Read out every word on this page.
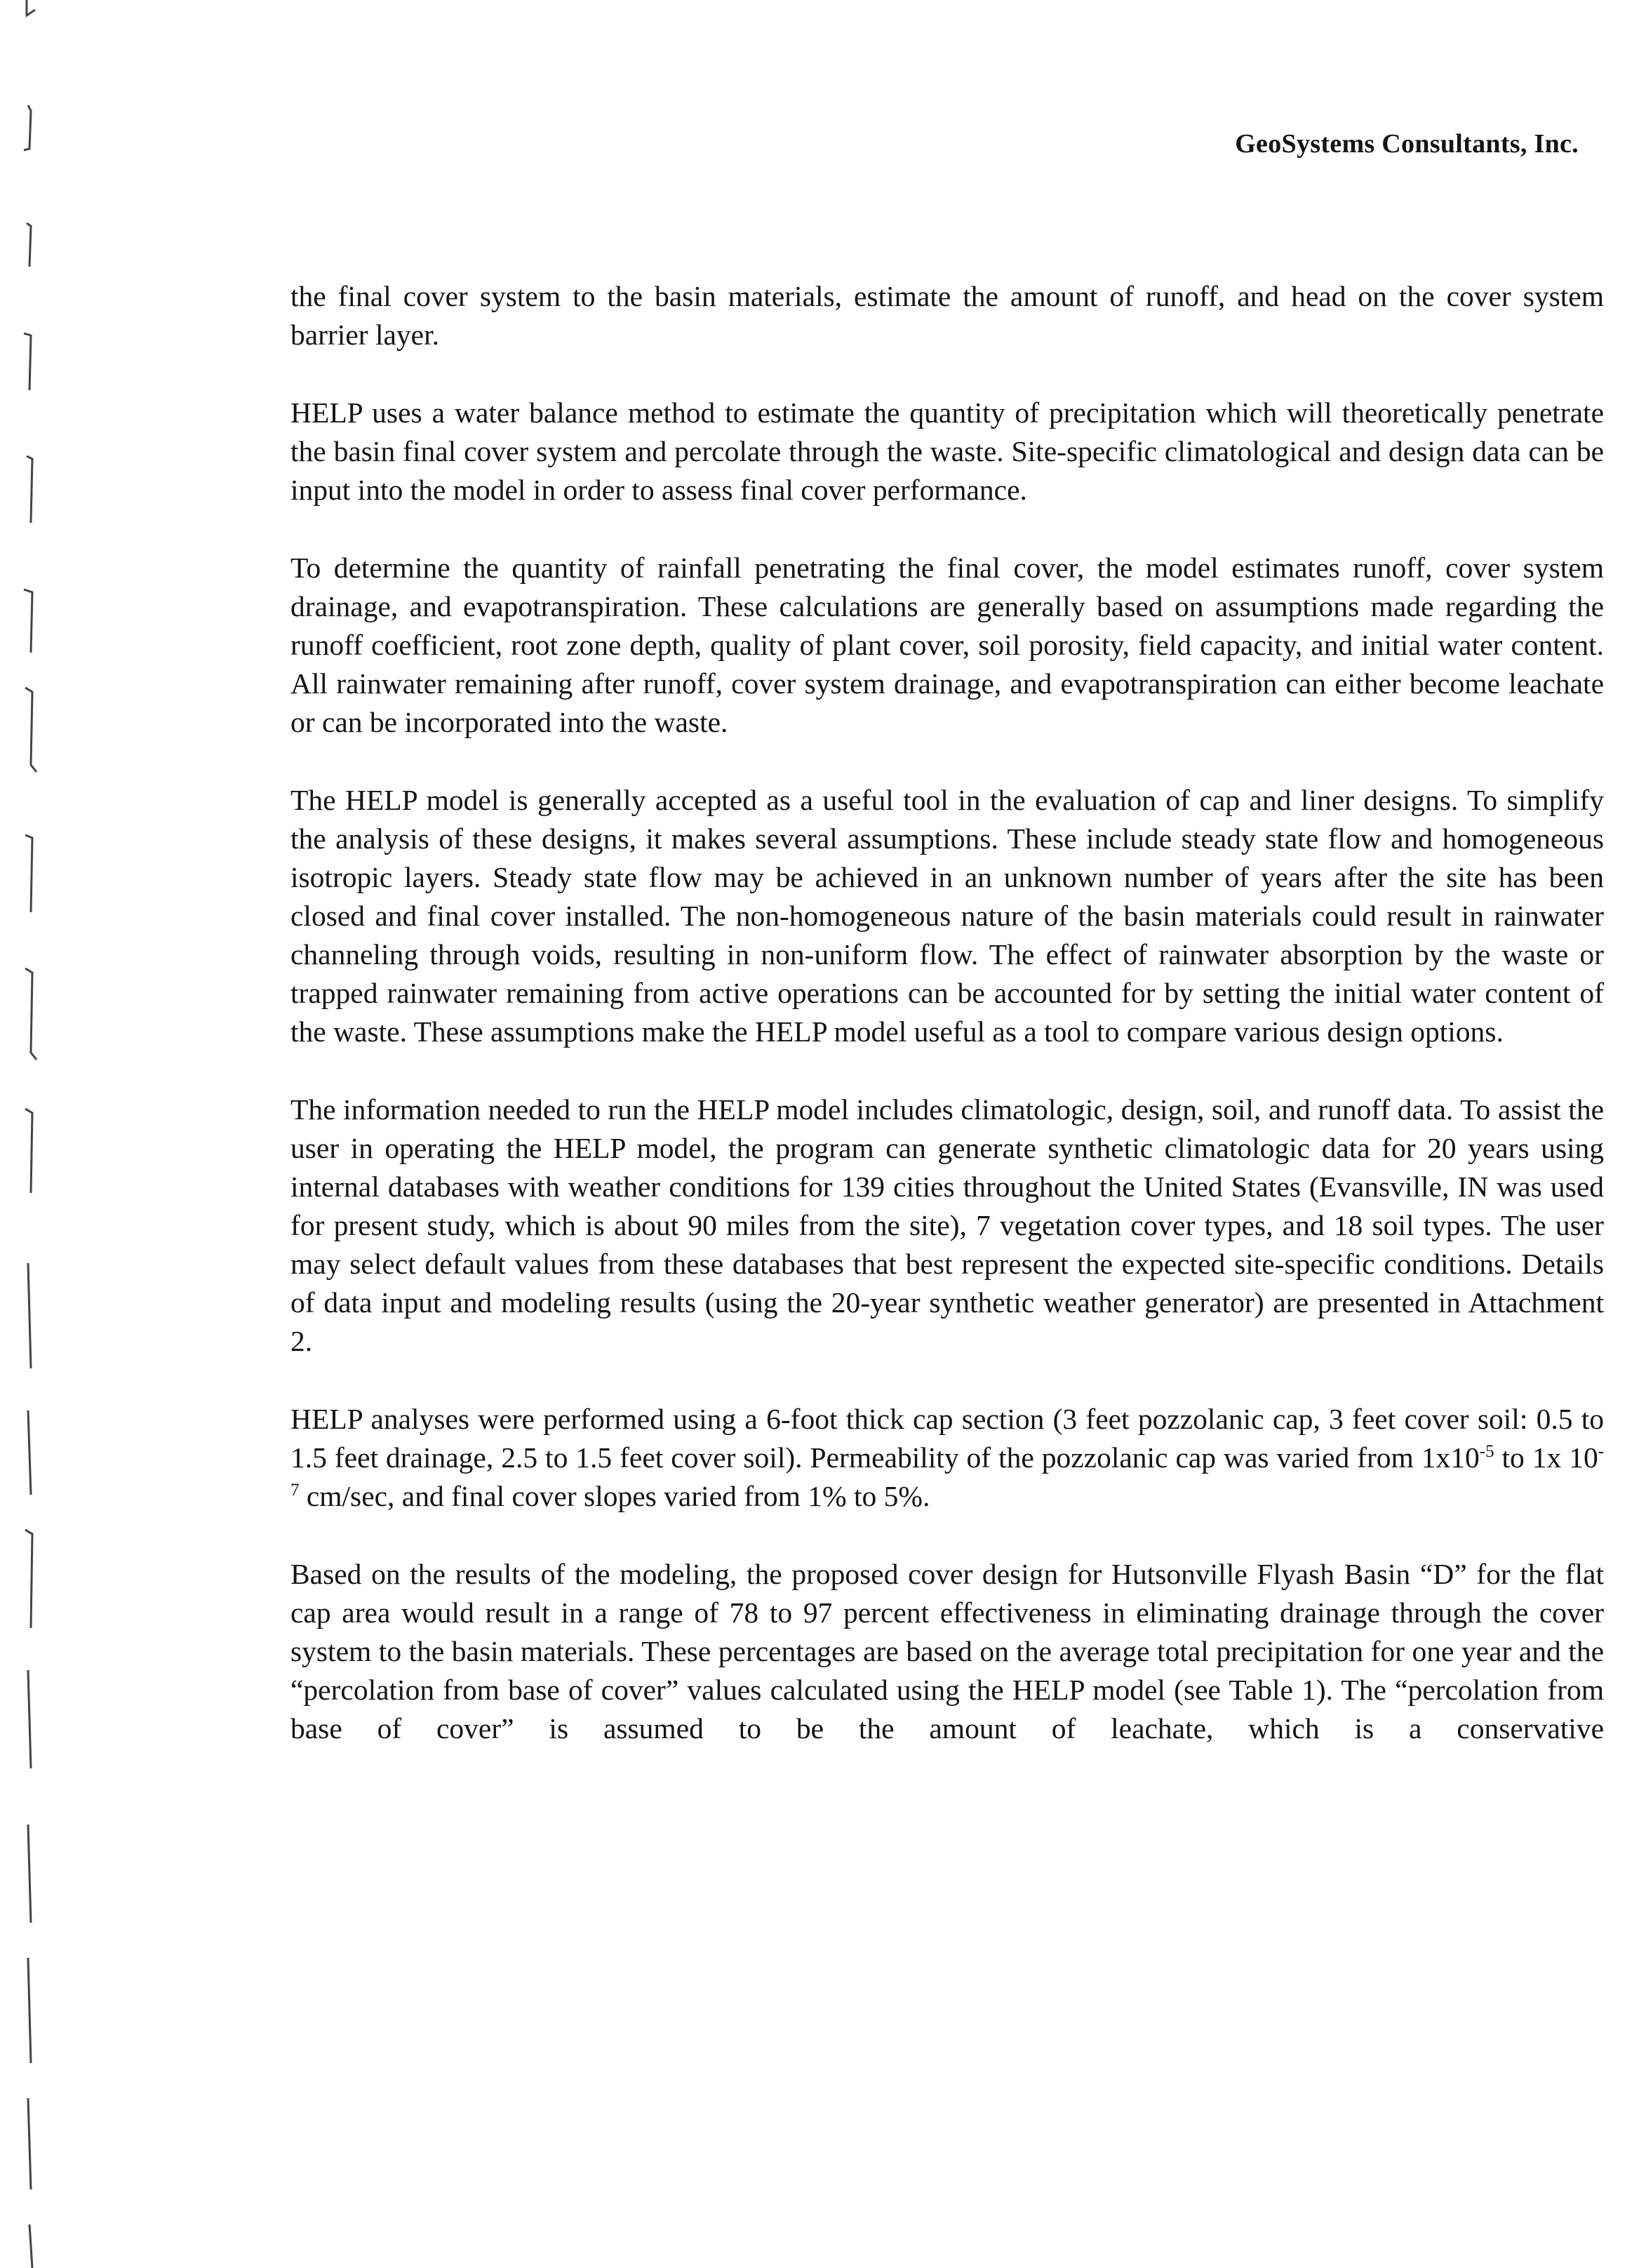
GeoSystems Consultants, Inc.

the final cover system to the basin materials, estimate the amount of runoff, and head on the cover system barrier layer.

HELP uses a water balance method to estimate the quantity of precipitation which will theoretically penetrate the basin final cover system and percolate through the waste. Site-specific climatological and design data can be input into the model in order to assess final cover performance.

To determine the quantity of rainfall penetrating the final cover, the model estimates runoff, cover system drainage, and evapotranspiration. These calculations are generally based on assumptions made regarding the runoff coefficient, root zone depth, quality of plant cover, soil porosity, field capacity, and initial water content. All rainwater remaining after runoff, cover system drainage, and evapotranspiration can either become leachate or can be incorporated into the waste.

The HELP model is generally accepted as a useful tool in the evaluation of cap and liner designs. To simplify the analysis of these designs, it makes several assumptions. These include steady state flow and homogeneous isotropic layers. Steady state flow may be achieved in an unknown number of years after the site has been closed and final cover installed. The non-homogeneous nature of the basin materials could result in rainwater channeling through voids, resulting in non-uniform flow. The effect of rainwater absorption by the waste or trapped rainwater remaining from active operations can be accounted for by setting the initial water content of the waste. These assumptions make the HELP model useful as a tool to compare various design options.

The information needed to run the HELP model includes climatologic, design, soil, and runoff data. To assist the user in operating the HELP model, the program can generate synthetic climatologic data for 20 years using internal databases with weather conditions for 139 cities throughout the United States (Evansville, IN was used for present study, which is about 90 miles from the site), 7 vegetation cover types, and 18 soil types. The user may select default values from these databases that best represent the expected site-specific conditions. Details of data input and modeling results (using the 20-year synthetic weather generator) are presented in Attachment 2.

HELP analyses were performed using a 6-foot thick cap section (3 feet pozzolanic cap, 3 feet cover soil: 0.5 to 1.5 feet drainage, 2.5 to 1.5 feet cover soil). Permeability of the pozzolanic cap was varied from $1x10^{-5}$ to 1x $10^{-7}$ cm/sec, and final cover slopes varied from 1% to 5%.

Based on the results of the modeling, the proposed cover design for Hutsonville Flyash Basin “D” for the flat cap area would result in a range of 78 to 97 percent effectiveness in eliminating drainage through the cover system to the basin materials. These percentages are based on the average total precipitation for one year and the “percolation from base of cover” values calculated using the HELP model (see Table 1). The “percolation from base of cover” is assumed to be the amount of leachate, which is a conservative
